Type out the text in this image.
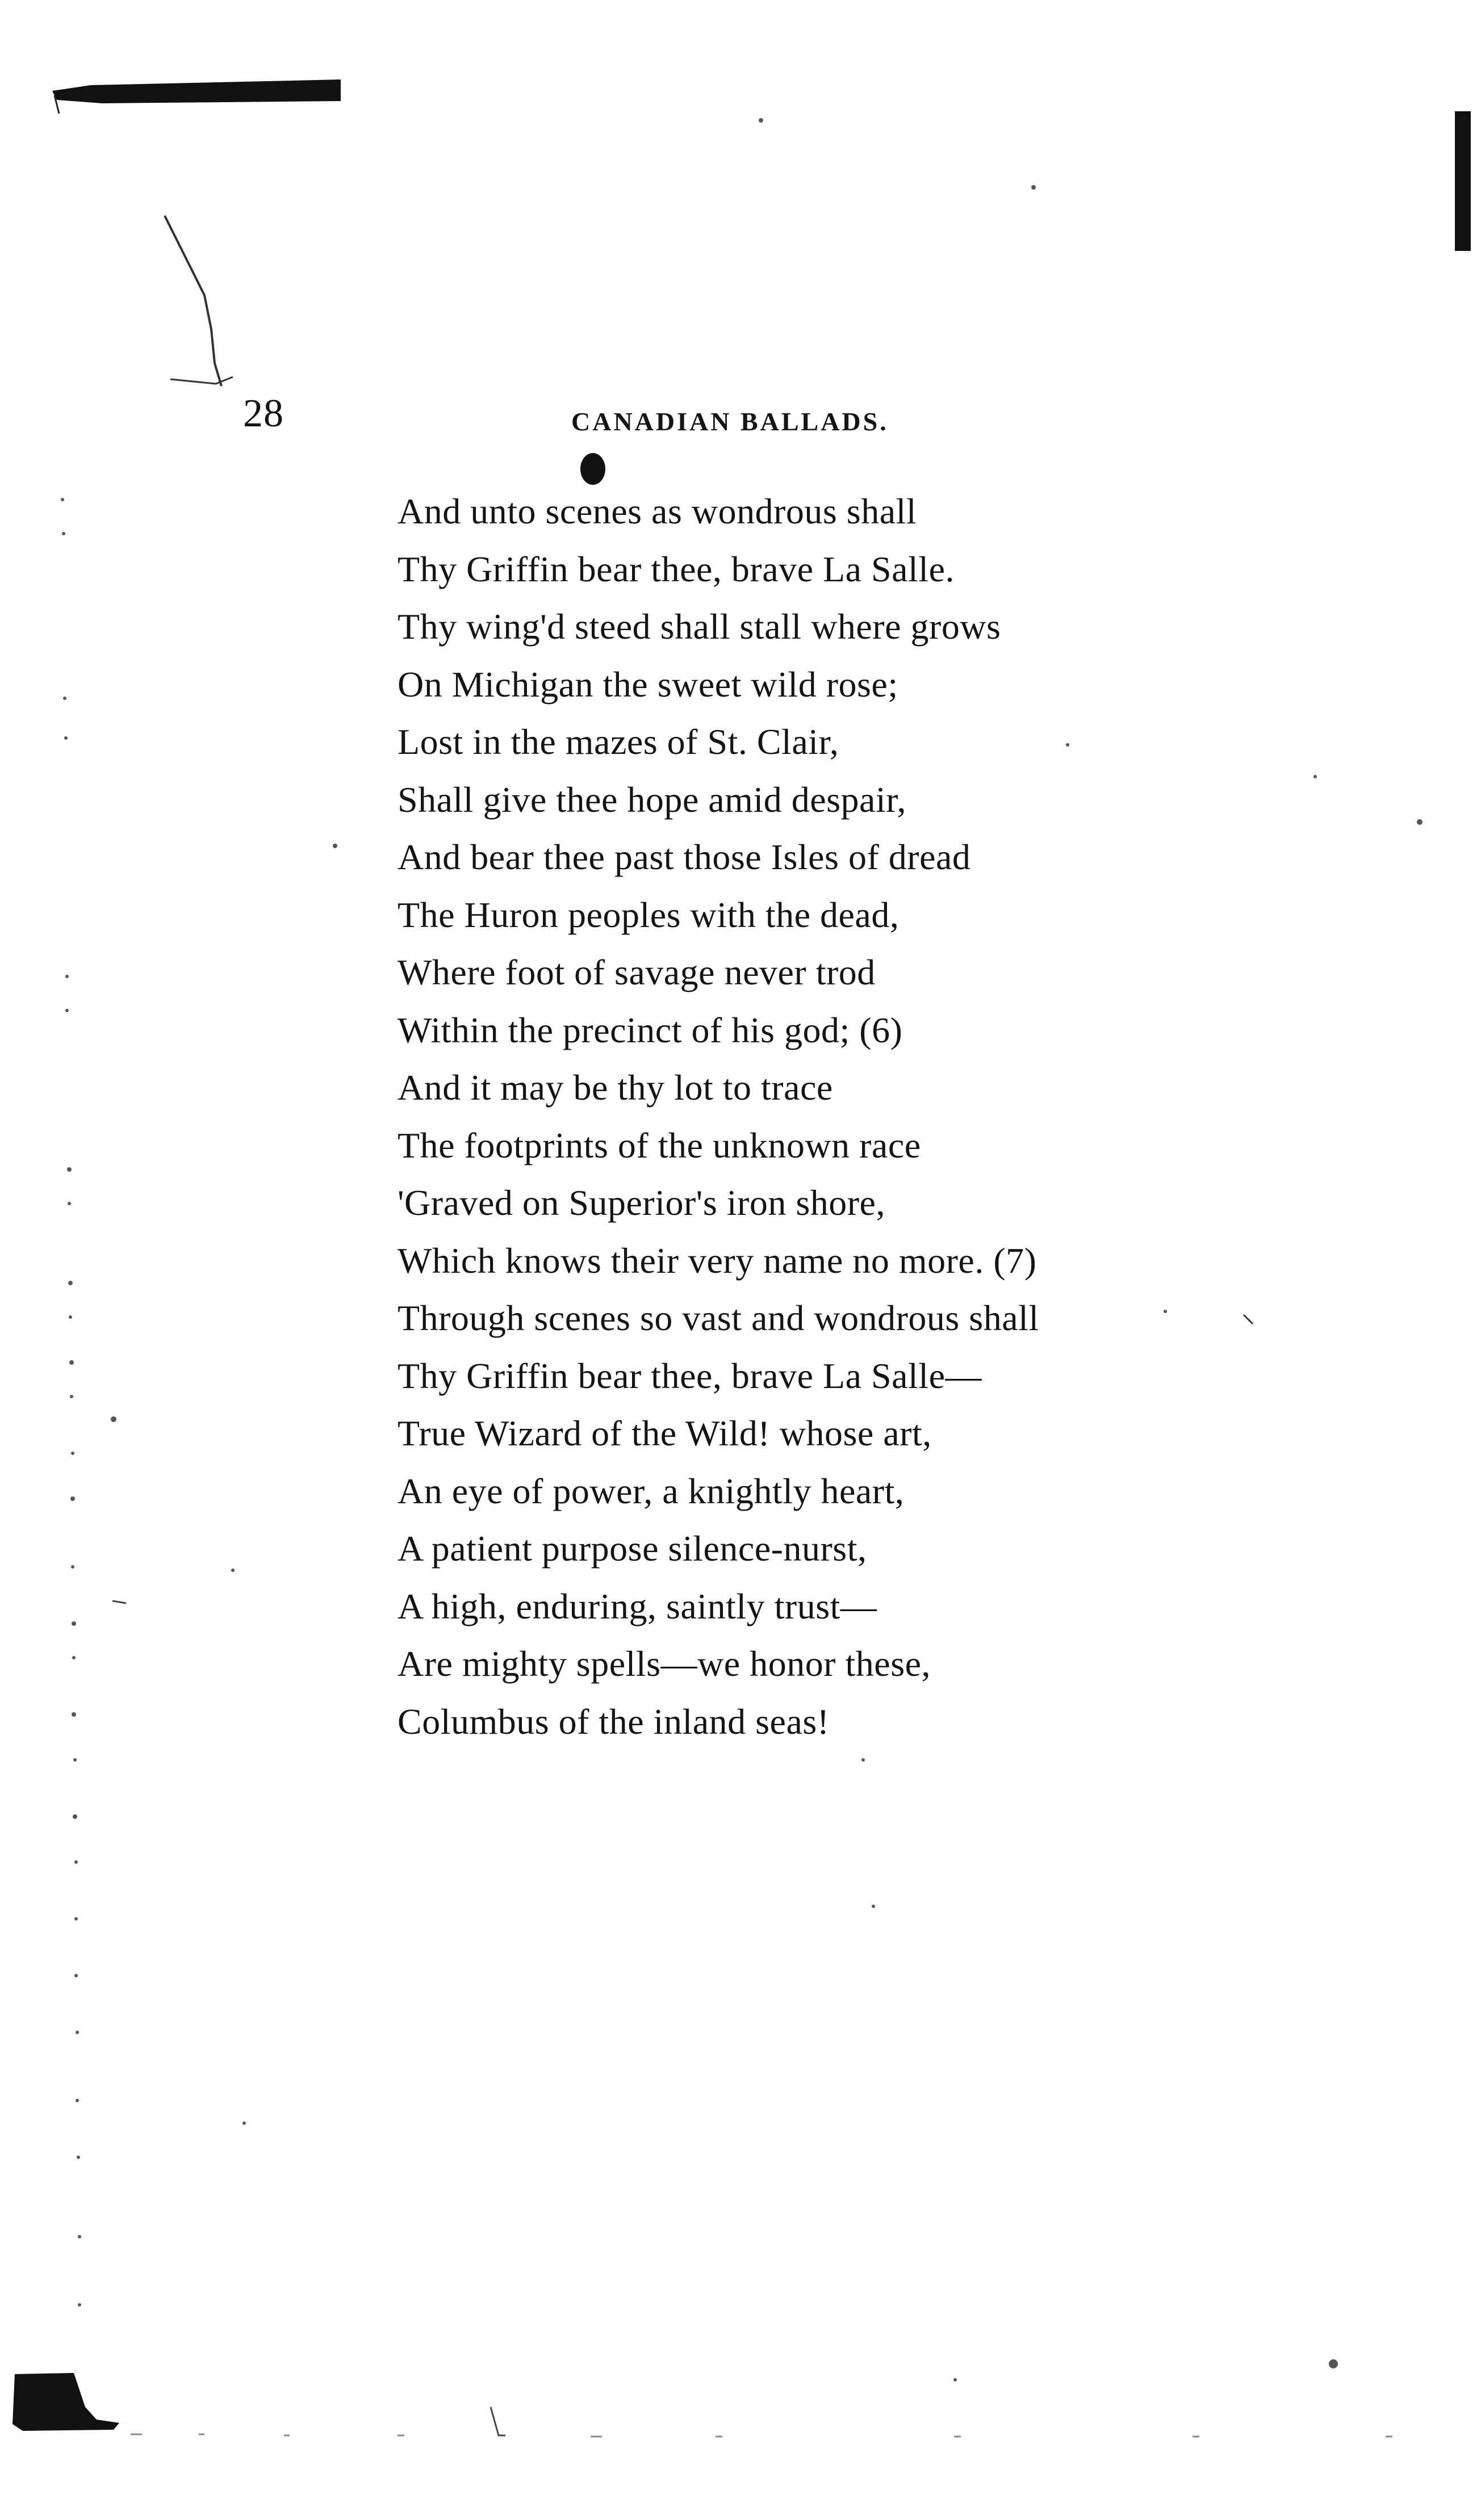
28	CANADIAN BALLADS.
And unto scenes as wondrous shall
Thy Griffin bear thee, brave La Salle.
Thy wing'd steed shall stall where grows
On Michigan the sweet wild rose;
Lost in the mazes of St. Clair,
Shall give thee hope amid despair,
And bear thee past those Isles of dread
The Huron peoples with the dead,
Where foot of savage never trod
Within the precinct of his god; (6)
And it may be thy lot to trace
The footprints of the unknown race
'Graved on Superior's iron shore,
Which knows their very name no more. (7)
Through scenes so vast and wondrous shall
Thy Griffin bear thee, brave La Salle—
True Wizard of the Wild! whose art,
An eye of power, a knightly heart,
A patient purpose silence-nurst,
A high, enduring, saintly trust—
Are mighty spells—we honor these,
Columbus of the inland seas!
